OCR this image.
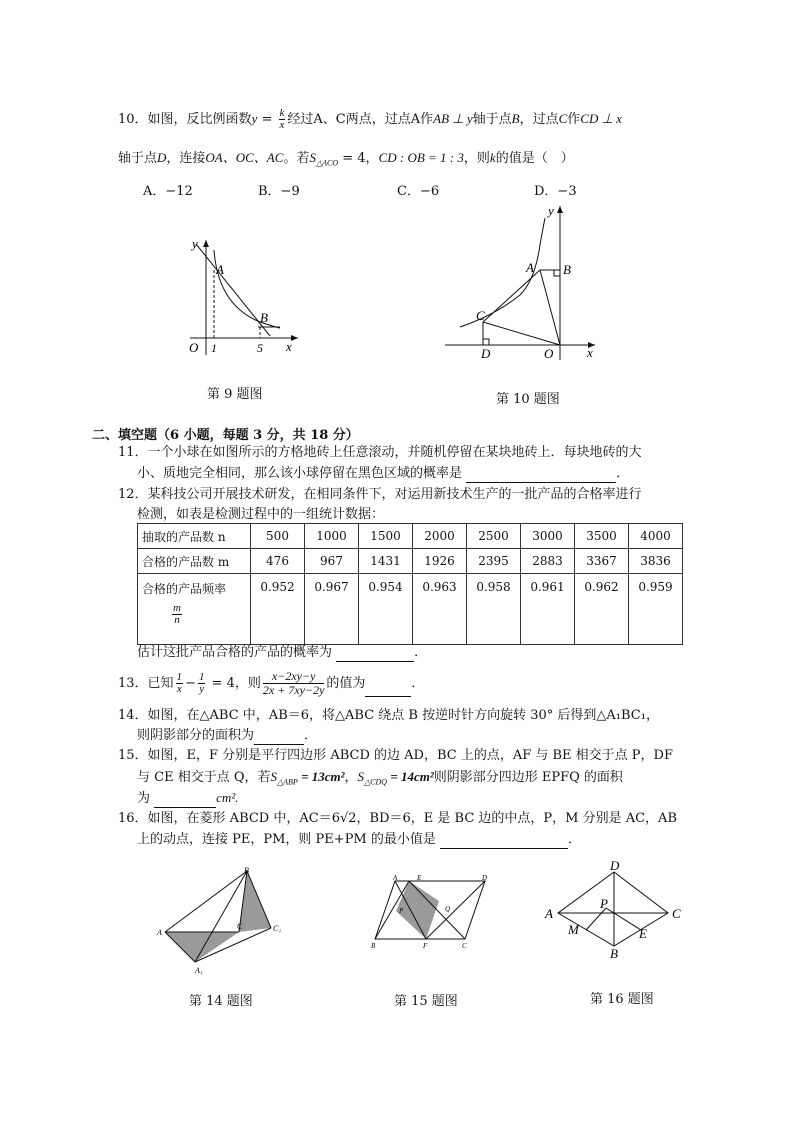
10．如图，反比例函数$y = \frac{k}{x}$ 经过A、C两点，过点A作AB ⊥ y轴于点B，过点C作CD ⊥ x
轴于点D，连接OA、OC、AC。若$S_{\triangle ACO} = 4$，CD : OB = 1 : 3，则k的值是（　）
A．−12	B．−9	C．−6	D．−3
y
x
O
A
B
1	5
第 9 题图
y
x
O
A B
C
D
第 10 题图
二、填空题（6 小题，每题 3 分，共 18 分）
11．一个小球在如图所示的方格地砖上任意滚动，并随机停留在某块地砖上．每块地砖的大
小、质地完全相同，那么该小球停留在黑色区域的概率是	．
12．某科技公司开展技术研发，在相同条件下，对运用新技术生产的一批产品的合格率进行
检测，如表是检测过程中的一组统计数据：
抽取的产品数 n	500	1000	1500	2000	2500	3000	3500	4000
合格的产品数 m	476	967	1431	1926	2395	2883	3367	3836

合格的产品频率
$\frac{m}{n}$	0.952	0.967	0.954	0.963	0.958	0.961	0.962	0.959
估计这批产品合格的产品的概率为	．
13．已知 $\frac{1}{x} - \frac{1}{y} = 4$，则 $\frac{x-2xy-y}{2x + 7xy-2y}$ 的值为	．
14．如图，在△ABC 中，AB＝6，将△ABC 绕点 B 按逆时针方向旋转 30° 后得到△A₁BC₁，
则阴影部分的面积为	．
15．如图，E，F 分别是平行四边形 ABCD 的边 AD，BC 上的点，AF 与 BE 相交于点 P，DF
与 CE 相交于点 Q，若$S_{\triangle ABP} = 13cm^2$，$S_{\triangle CDQ} = 14cm^2$则阴影部分四边形 EPFQ 的面积
为	cm².
16．如图，在菱形 ABCD 中，AC＝6√2，BD＝6，E 是 BC 边的中点，P，M 分别是 AC，AB
上的动点，连接 PE，PM，则 PE+PM 的最小值是	．
A
B
C	C₁
A₁
第 14 题图
A	E	D
P	Q
B	F	C
第 15 题图
D
A
P
C
M	E
B
第 16 题图
